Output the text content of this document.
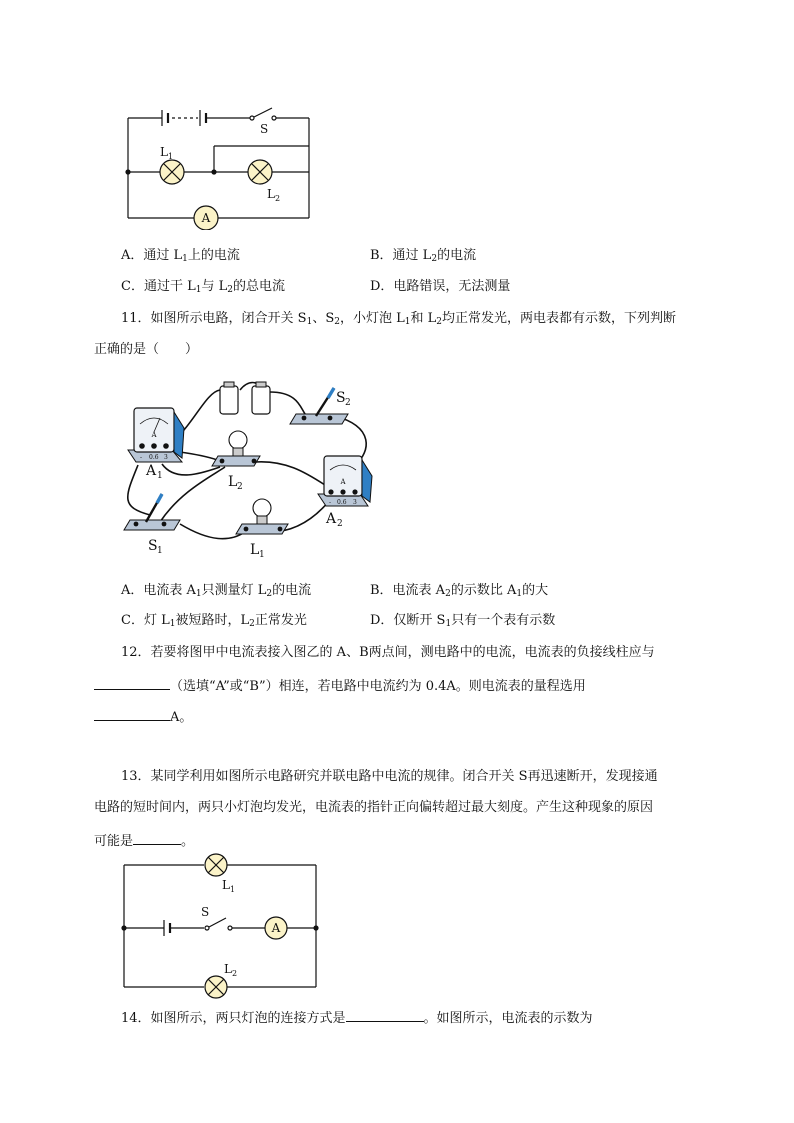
S
L 1
L 2
A
A．通过 $L_1$上的电流	B．通过 $L_2$的电流
C．通过干 $L_1$与 $L_2$的总电流	D．电路错误，无法测量
11．如图所示电路，闭合开关 $S_1$、$S_2$，小灯泡 $L_1$和 $L_2$均正常发光，两电表都有示数，下列判断
正确的是（　　）
A
- 0.6 3
A
- 0.6 3
A 1	L 2
A 2
S 2
S 1	L 1
A．电流表 $A_1$只测量灯 $L_2$的电流	B．电流表 $A_2$的示数比 $A_1$的大
C．灯 $L_1$被短路时，$L_2$正常发光	D．仅断开 $S_1$只有一个表有示数
12．若要将图甲中电流表接入图乙的 A、B两点间，测电路中的电流，电流表的负接线柱应与
（选填“A”或“B”）相连，若电路中电流约为 0.4A。则电流表的量程选用
A。
13．某同学利用如图所示电路研究并联电路中电流的规律。闭合开关 S再迅速断开，发现接通
电路的短时间内，两只小灯泡均发光，电流表的指针正向偏转超过最大刻度。产生这种现象的原因
可能是	。
L 1
S
A
L 2
14．如图所示，两只灯泡的连接方式是	。如图所示，电流表的示数为
